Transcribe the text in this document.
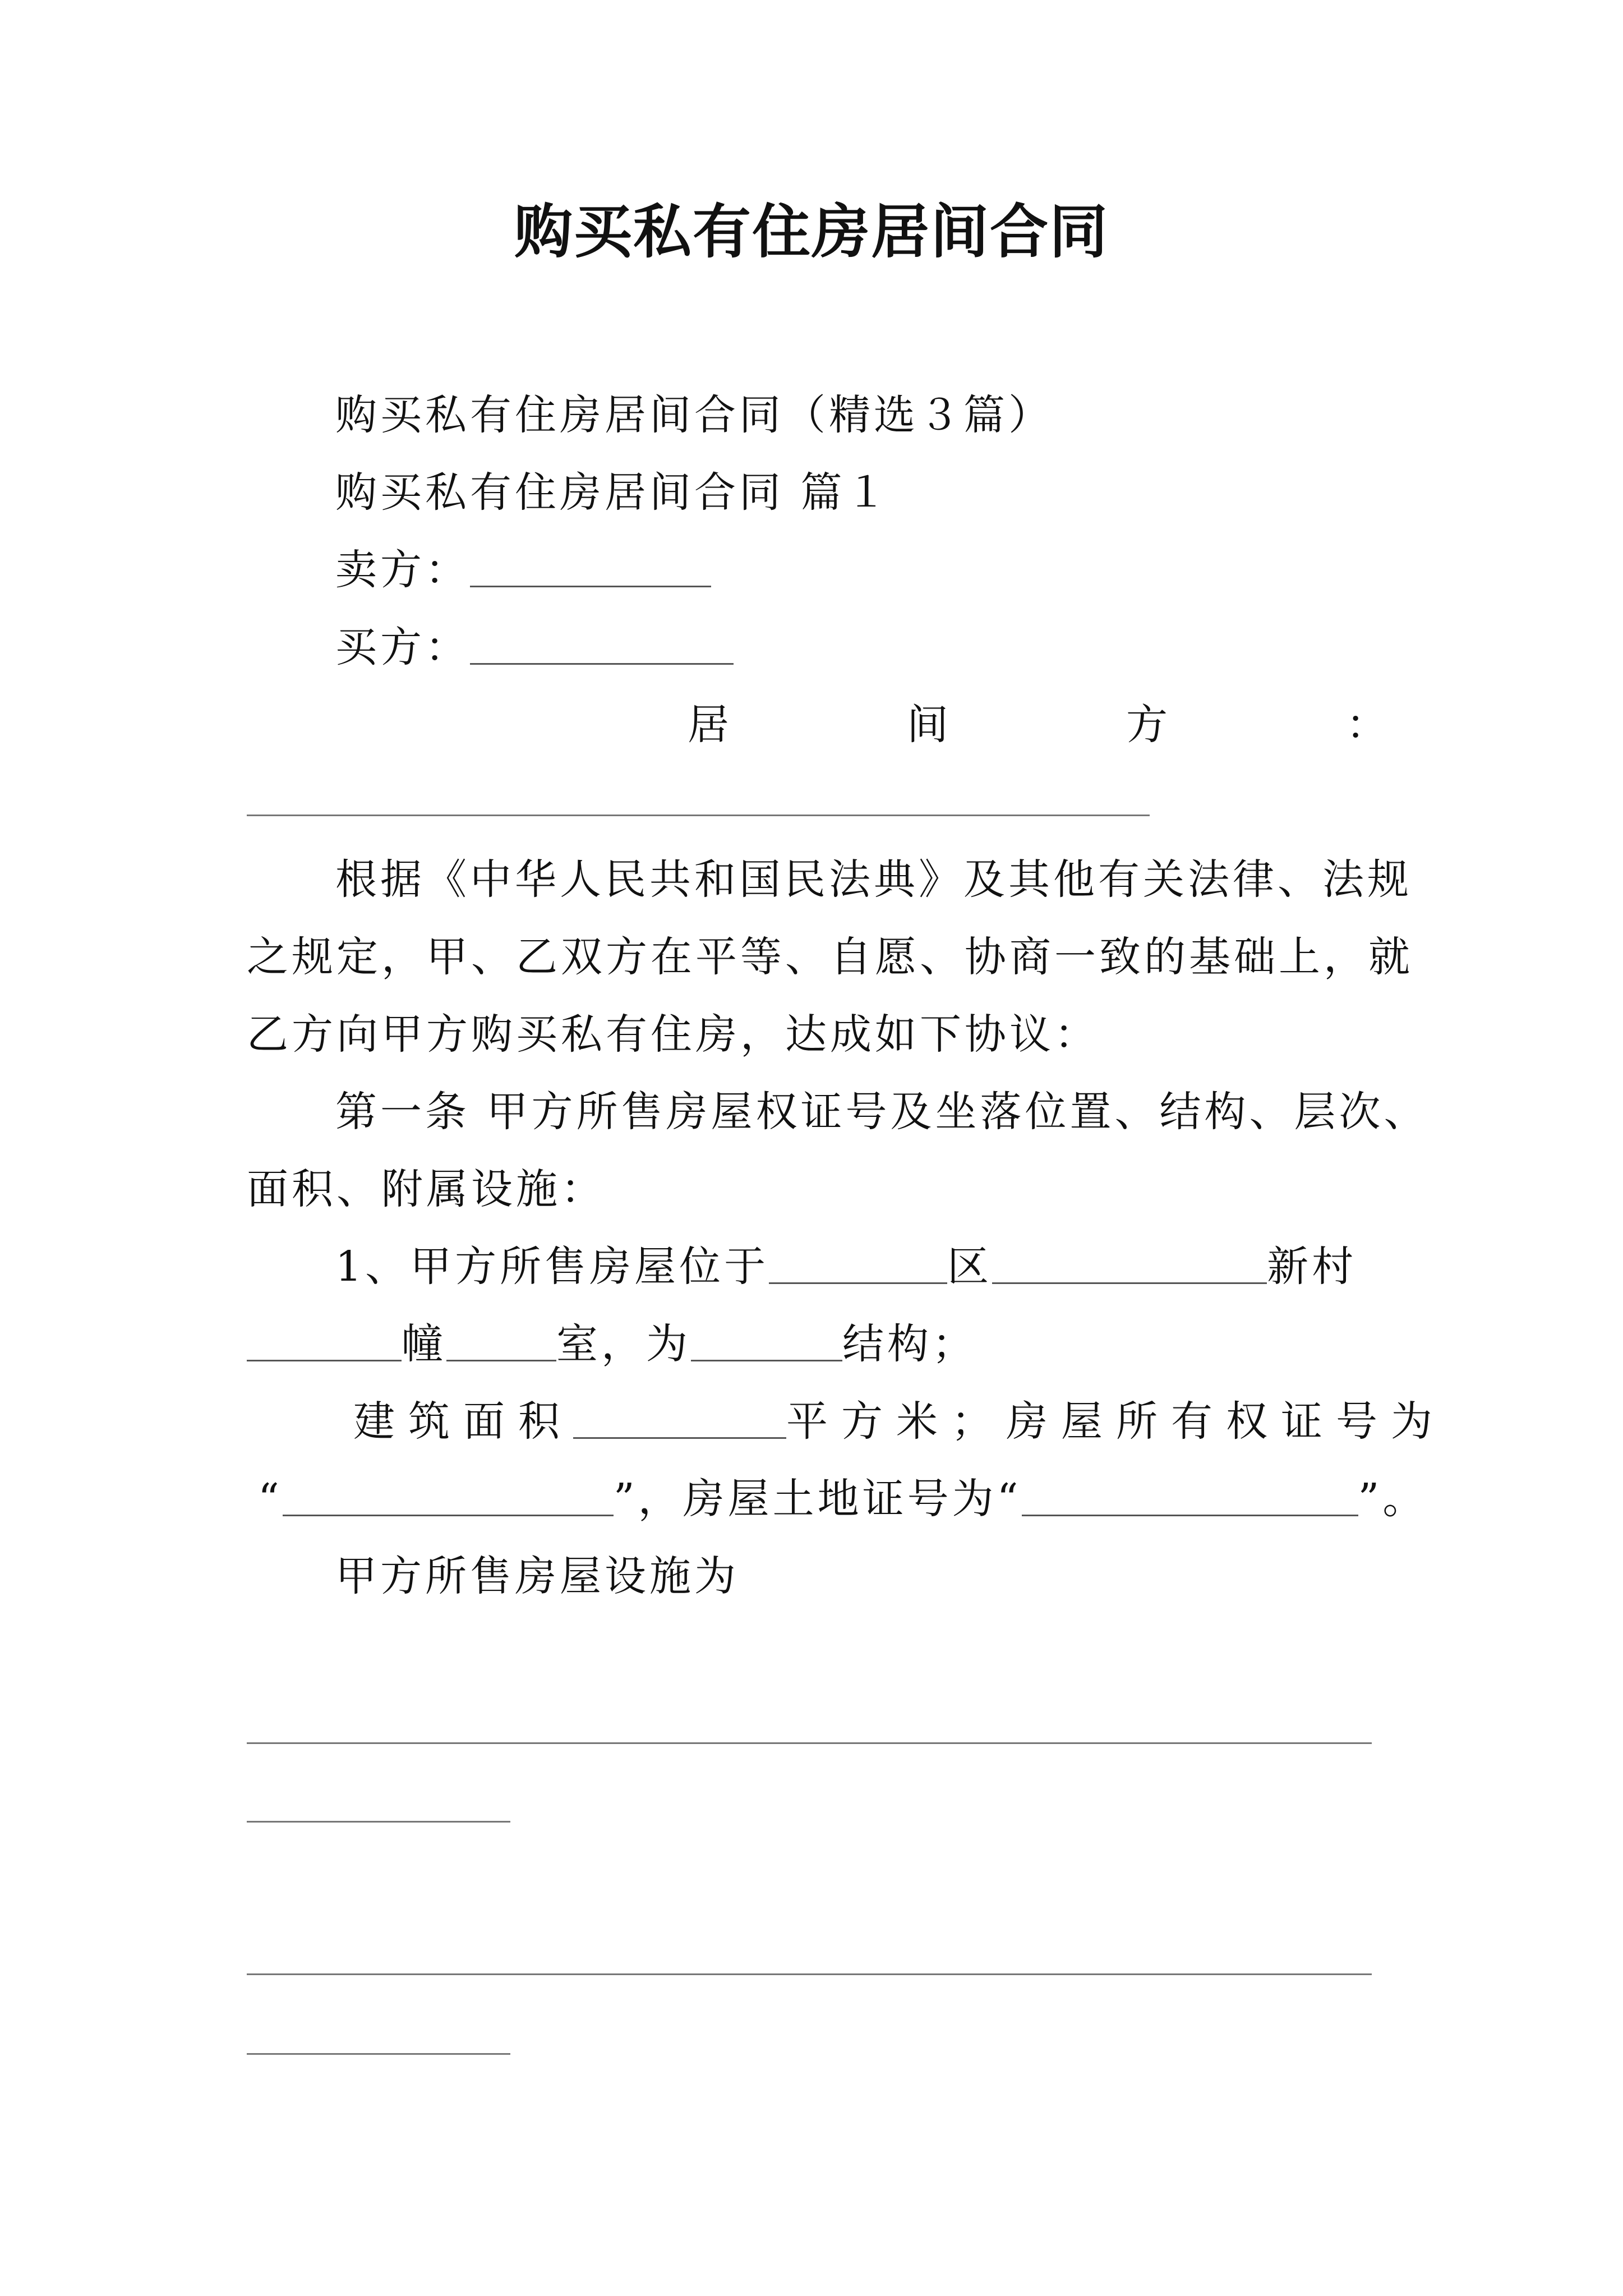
购买私有住房居间合同
购买私有住房居间合同（精选３篇）
购买私有住房居间合同 篇１
卖方：
买方：
居	间	方	：
根据《中华人民共和国民法典》及其他有关法律、法规
之规定，甲、乙双方在平等、自愿、协商一致的基础上，就
乙方向甲方购买私有住房，达成如下协议：
第一条 甲方所售房屋权证号及坐落位置、结构、层次、
面积、附属设施：
1、甲方所售房屋位于	区	新村
幢	室，为	结构；
建筑面积	平方米；房屋所有权证号为
“	”，房屋土地证号为“	”。
甲方所售房屋设施为
